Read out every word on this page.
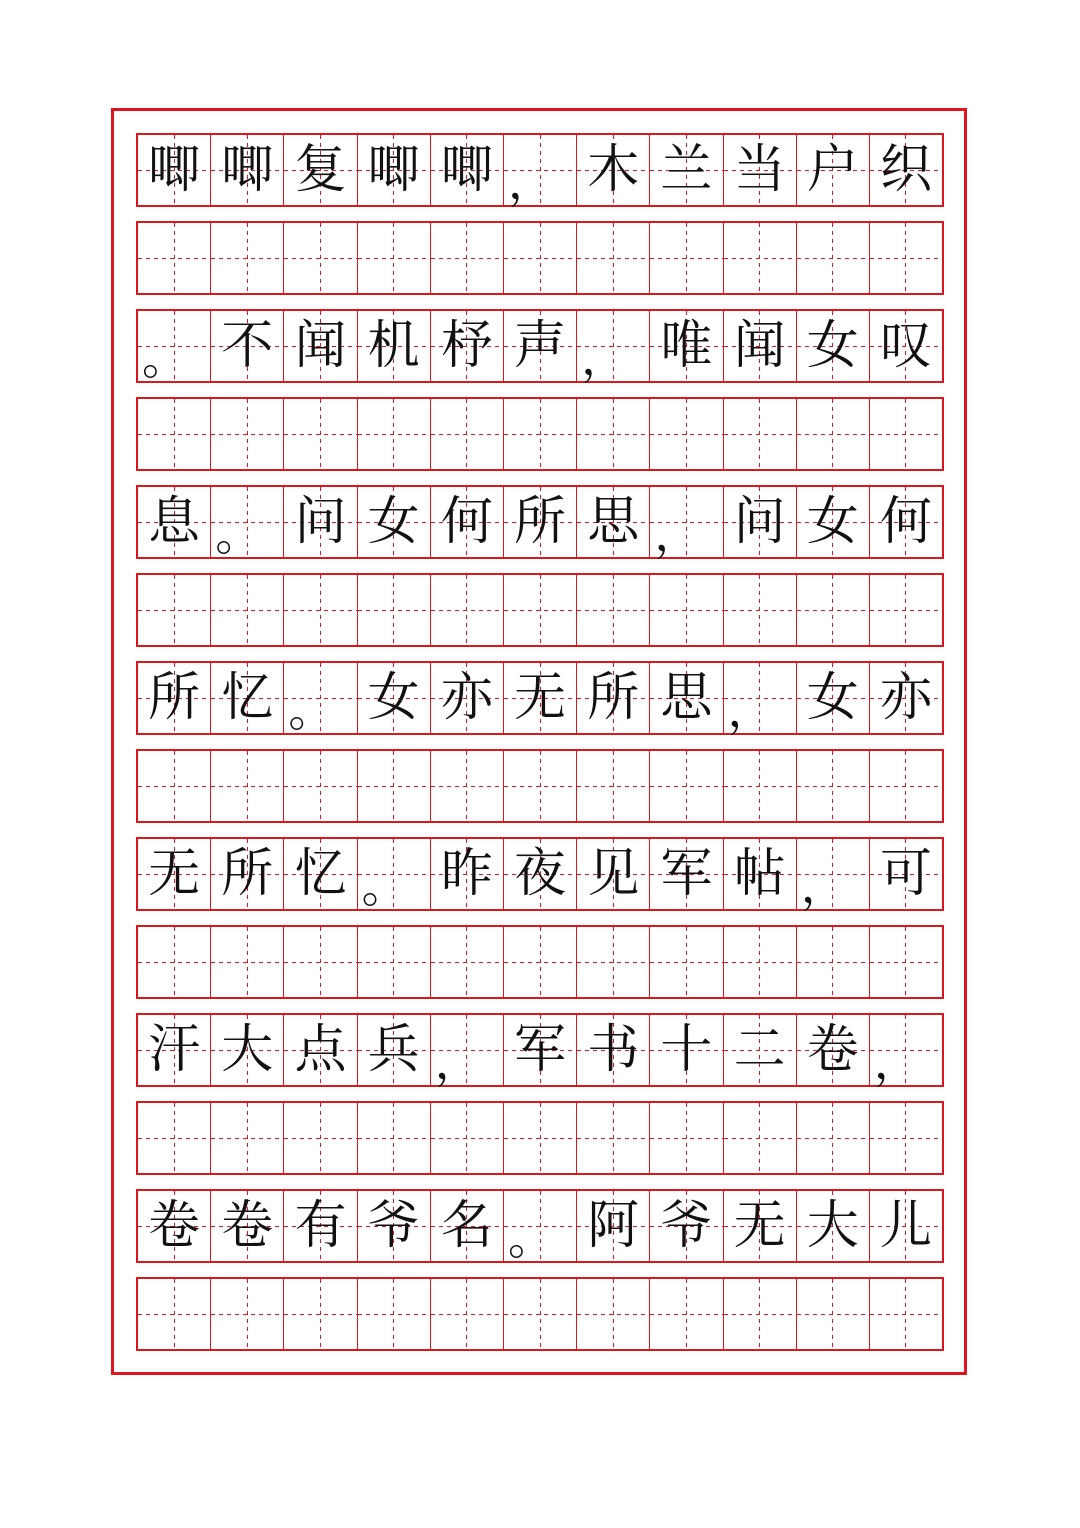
唧 唧 复 唧 唧 ， 木 兰 当 户 织
。 不 闻 机 杼 声 ， 唯 闻 女 叹
息 。 问 女 何 所 思 ， 问 女 何
所 忆 。 女 亦 无 所 思 ， 女 亦
无 所 忆 。 昨 夜 见 军 帖 ， 可
汗 大 点 兵 ， 军 书 十 二 卷 ，
卷 卷 有 爷 名 。 阿 爷 无 大 儿
